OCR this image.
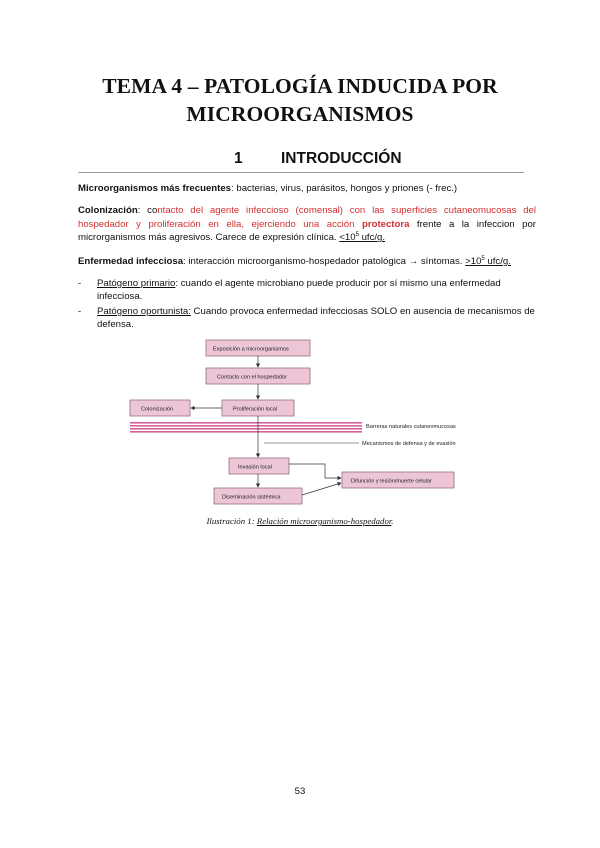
TEMA 4 – PATOLOGÍA INDUCIDA POR
MICROORGANISMOS
1 INTRODUCCIÓN

Microorganismos más frecuentes: bacterias, virus, parásitos, hongos y priones (- frec.)

Colonización: contacto del agente infeccioso (comensal) con las superficies cutaneomucosas del hospedador y proliferación en ella, ejerciendo una acción protectora frente a la infeccion por microrganismos más agresivos. Carece de expresión clínica. $<10^5$ ufc/g.

Enfermedad infecciosa: interacción microorganismo-hospedador patológica → síntomas. $>10^5$ ufc/g.

- Patógeno primario: cuando el agente microbiano puede producir por sí mismo una enfermedad infecciosa.
- Patógeno oportunista: Cuando provoca enfermedad infecciosas SOLO en ausencia de mecanismos de defensa.
Exposición a microorganismos
Contacto con el hospedador
Colonización	Proliferación local
Invasión local
Difunción y lesión/muerte celular
Diseminación sistémica
Barreras naturales cutaneomucosas
Mecanismos de defensa y de evasión

Ilustración 1: Relación microorganismo-hospedador.

53
